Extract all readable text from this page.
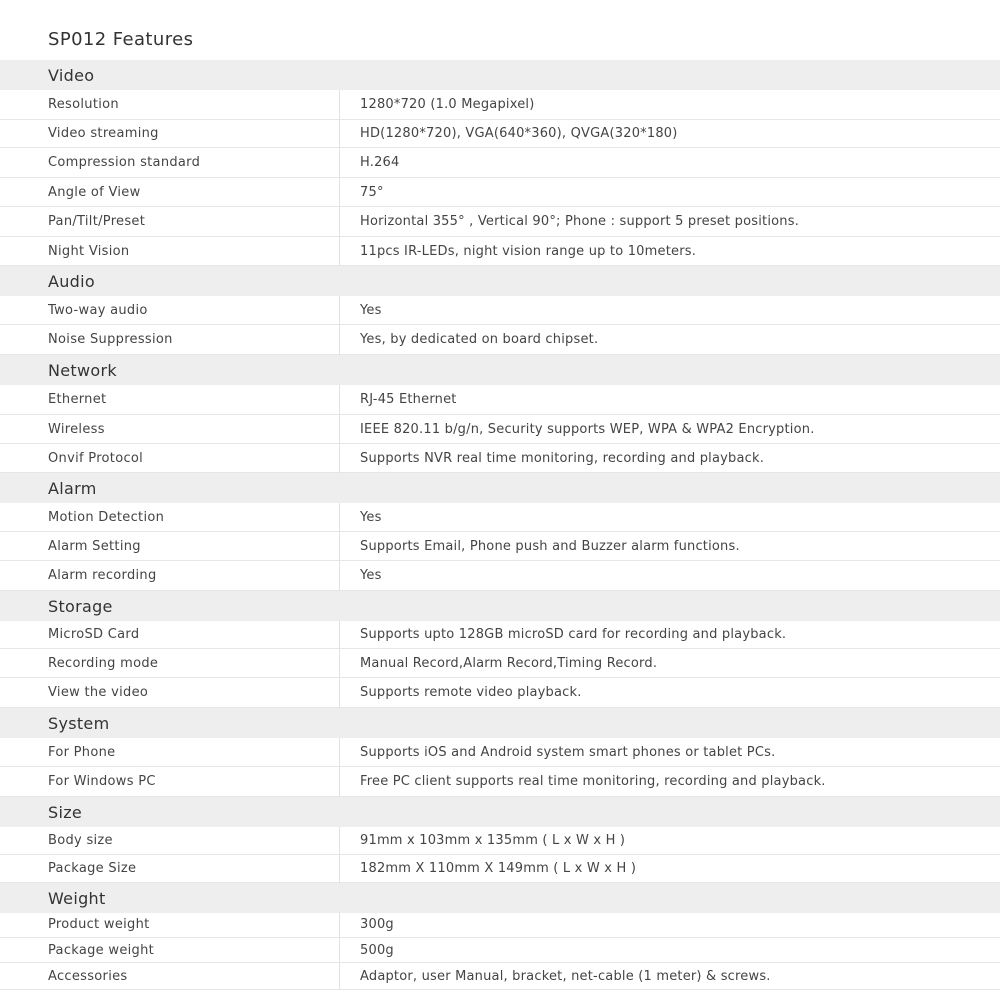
SP012 Features
Video
Resolution	1280*720 (1.0 Megapixel)
Video streaming	HD(1280*720), VGA(640*360), QVGA(320*180)
Compression standard	H.264
Angle of View	75°
Pan/Tilt/Preset	Horizontal 355° , Vertical 90°; Phone : support 5 preset positions.
Night Vision	11pcs IR-LEDs, night vision range up to 10meters.
Audio
Two-way audio	Yes
Noise Suppression	Yes, by dedicated on board chipset.
Network
Ethernet	RJ-45 Ethernet
Wireless	IEEE 820.11 b/g/n, Security supports WEP, WPA & WPA2 Encryption.
Onvif Protocol	Supports NVR real time monitoring, recording and playback.
Alarm
Motion Detection	Yes
Alarm Setting	Supports Email, Phone push and Buzzer alarm functions.
Alarm recording	Yes
Storage
MicroSD Card	Supports upto 128GB microSD card for recording and playback.
Recording mode	Manual Record,Alarm Record,Timing Record.
View the video	Supports remote video playback.
System
For Phone	Supports iOS and Android system smart phones or tablet PCs.
For Windows PC	Free PC client supports real time monitoring, recording and playback.
Size
Body size	91mm x 103mm x 135mm ( L x W x H )
Package Size	182mm X 110mm X 149mm ( L x W x H )
Weight
Product weight	300g
Package weight	500g
Accessories	Adaptor, user Manual, bracket, net-cable (1 meter) & screws.
